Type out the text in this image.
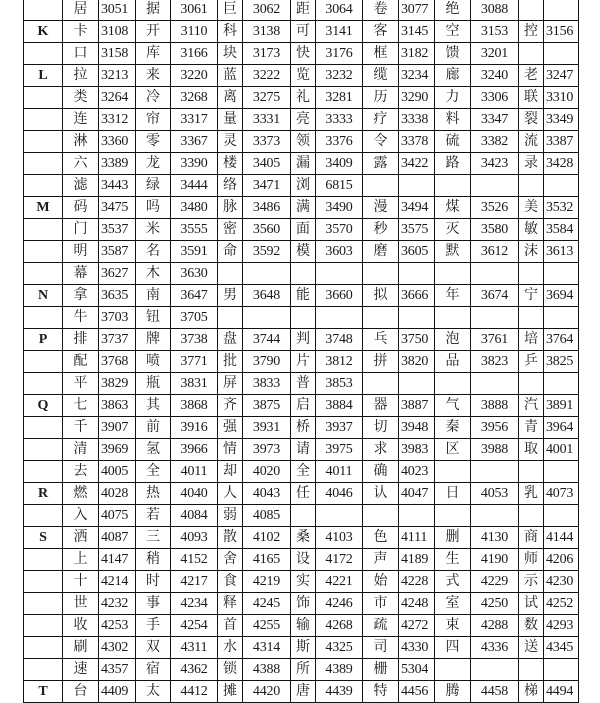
	居	3051	据	3061	巨	3062	距	3064	卷	3077	绝	3088		
K	卡	3108	开	3110	科	3138	可	3141	客	3145	空	3153	控	3156
	口	3158	库	3166	块	3173	快	3176	框	3182	馈	3201		
L	拉	3213	来	3220	蓝	3222	览	3232	缆	3234	廊	3240	老	3247
	类	3264	冷	3268	离	3275	礼	3281	历	3290	力	3306	联	3310
	连	3312	帘	3317	量	3331	亮	3333	疗	3338	料	3347	裂	3349
	淋	3360	零	3367	灵	3373	领	3376	令	3378	硫	3382	流	3387
	六	3389	龙	3390	楼	3405	漏	3409	露	3422	路	3423	录	3428
	滤	3443	绿	3444	络	3471	浏	6815						
M	码	3475	吗	3480	脉	3486	满	3490	漫	3494	煤	3526	美	3532
	门	3537	米	3555	密	3560	面	3570	秒	3575	灭	3580	敏	3584
	明	3587	名	3591	命	3592	模	3603	磨	3605	默	3612	沫	3613
	幕	3627	木	3630										
N	拿	3635	南	3647	男	3648	能	3660	拟	3666	年	3674	宁	3694
	牛	3703	钮	3705										
P	排	3737	牌	3738	盘	3744	判	3748	乓	3750	泡	3761	培	3764
	配	3768	喷	3771	批	3790	片	3812	拼	3820	品	3823	乒	3825
	平	3829	瓶	3831	屏	3833	普	3853						
Q	七	3863	其	3868	齐	3875	启	3884	器	3887	气	3888	汽	3891
	千	3907	前	3916	强	3931	桥	3937	切	3948	秦	3956	青	3964
	清	3969	氢	3966	情	3973	请	3975	求	3983	区	3988	取	4001
	去	4005	全	4011	却	4020	全	4011	确	4023				
R	燃	4028	热	4040	人	4043	任	4046	认	4047	日	4053	乳	4073
	入	4075	若	4084	弱	4085								
S	洒	4087	三	4093	散	4102	桑	4103	色	4111	删	4130	商	4144
	上	4147	稍	4152	舍	4165	设	4172	声	4189	生	4190	师	4206
	十	4214	时	4217	食	4219	实	4221	始	4228	式	4229	示	4230
	世	4232	事	4234	释	4245	饰	4246	市	4248	室	4250	试	4252
	收	4253	手	4254	首	4255	输	4268	疏	4272	束	4288	数	4293
	刷	4302	双	4311	水	4314	斯	4325	司	4330	四	4336	送	4345
	速	4357	宿	4362	锁	4388	所	4389	栅	5304				
T	台	4409	太	4412	摊	4420	唐	4439	特	4456	腾	4458	梯	4494
